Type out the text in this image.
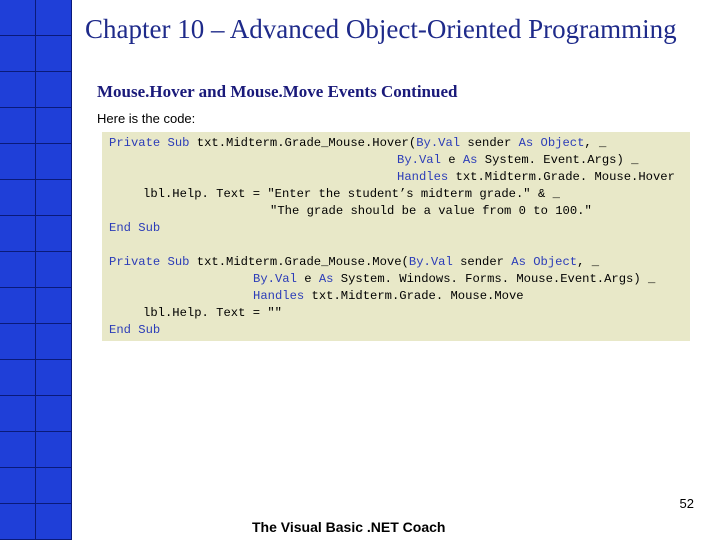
Chapter 10 – Advanced Object-Oriented Programming
Mouse.Hover and Mouse.Move Events Continued
Here is the code:
Private Sub txt.Midterm.Grade_Mouse.Hover(By.Val sender As Object, _
By.Val e As System. Event.Args) _
Handles txt.Midterm.Grade. Mouse.Hover
lbl.Help. Text = "Enter the student’s midterm grade." & _
"The grade should be a value from 0 to 100."
End Sub
Private Sub txt.Midterm.Grade_Mouse.Move(By.Val sender As Object, _
By.Val e As System. Windows. Forms. Mouse.Event.Args) _
Handles txt.Midterm.Grade. Mouse.Move
lbl.Help. Text = ""
End Sub
52
The Visual Basic .NET Coach
